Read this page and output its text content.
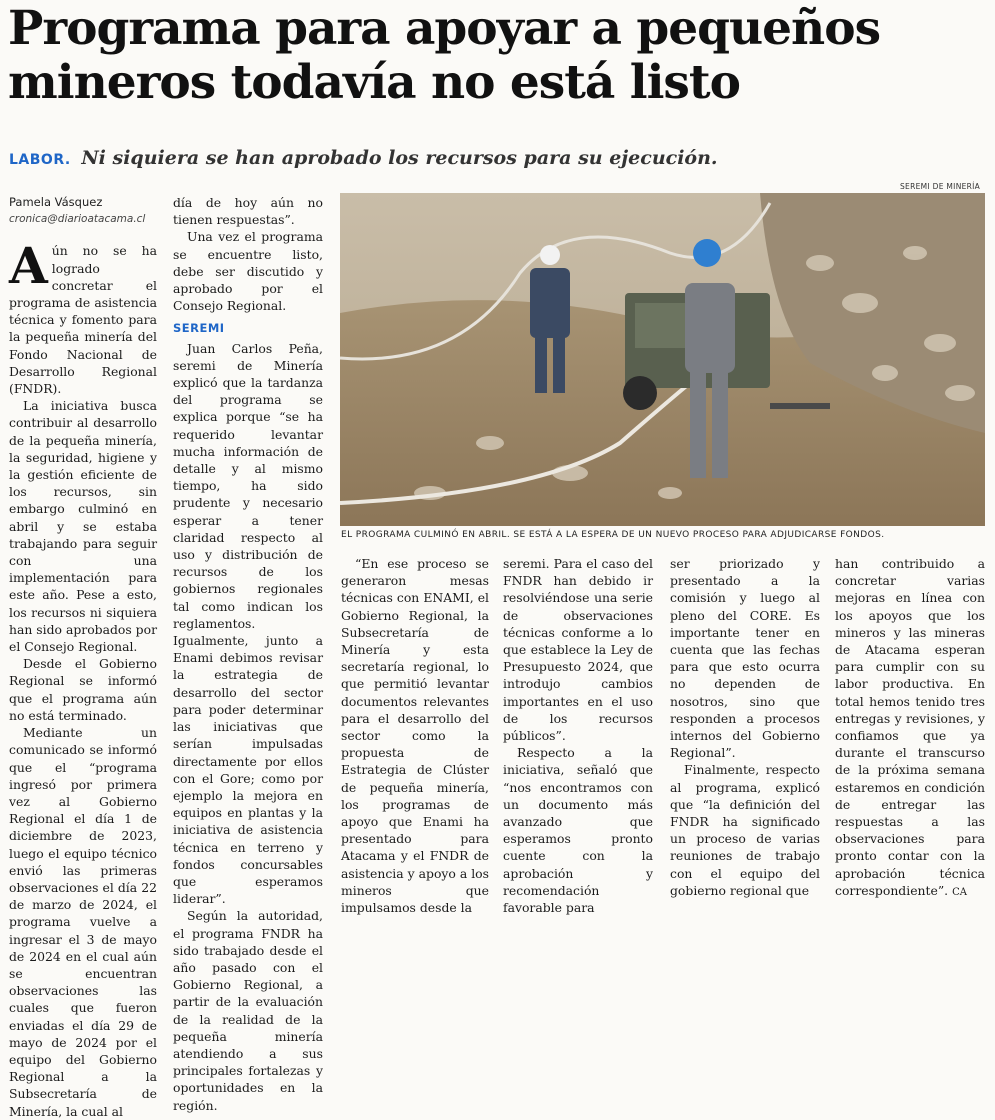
Programa para apoyar a pequeños mineros todavía no está listo
LABOR. Ni siquiera se han aprobado los recursos para su ejecución.
Pamela Vásquez
cronica@diarioatacama.cl

Aún no se ha logrado concretar el programa de asistencia técnica y fomento para la pequeña minería del Fondo Nacional de Desarrollo Regional (FNDR).

La iniciativa busca contribuir al desarrollo de la pequeña minería, la seguridad, higiene y la gestión eficiente de los recursos, sin embargo culminó en abril y se estaba trabajando para seguir con una implementación para este año. Pese a esto, los recursos ni siquiera han sido aprobados por el Consejo Regional.

Desde el Gobierno Regional se informó que el programa aún no está terminado.

Mediante un comunicado se informó que el “programa ingresó por primera vez al Gobierno Regional el día 1 de diciembre de 2023, luego el equipo técnico envió las primeras observaciones el día 22 de marzo de 2024, el programa vuelve a ingresar el 3 de mayo de 2024 en el cual aún se encuentran observaciones las cuales que fueron enviadas el día 29 de mayo de 2024 por el equipo del Gobierno Regional a la Subsecretaría de Minería, la cual al

día de hoy aún no tienen respuestas”.

Una vez el programa se encuentre listo, debe ser discutido y aprobado por el Consejo Regional.

SEREMI

Juan Carlos Peña, seremi de Minería explicó que la tardanza del programa se explica porque “se ha requerido levantar mucha información de detalle y al mismo tiempo, ha sido prudente y necesario esperar a tener claridad respecto al uso y distribución de recursos de los gobiernos regionales tal como indican los reglamentos. Igualmente, junto a Enami debimos revisar la estrategia de desarrollo del sector para poder determinar las iniciativas que serían impulsadas directamente por ellos con el Gore; como por ejemplo la mejora en equipos en plantas y la iniciativa de asistencia técnica en terreno y fondos concursables que esperamos liderar”.

Según la autoridad, el programa FNDR ha sido trabajado desde el año pasado con el Gobierno Regional, a partir de la evaluación de la realidad de la pequeña minería atendiendo a sus principales fortalezas y oportunidades en la región.

SEREMI DE MINERÍA
EL PROGRAMA CULMINÓ EN ABRIL. SE ESTÁ A LA ESPERA DE UN NUEVO PROCESO PARA ADJUDICARSE FONDOS.

“En ese proceso se generaron mesas técnicas con ENAMI, el Gobierno Regional, la Subsecretaría de Minería y esta secretaría regional, lo que permitió levantar documentos relevantes para el desarrollo del sector como la propuesta de Estrategia de Clúster de pequeña minería, los programas de apoyo que Enami ha presentado para Atacama y el FNDR de asistencia y apoyo a los mineros que impulsamos desde la

seremi. Para el caso del FNDR han debido ir resolviéndose una serie de observaciones técnicas conforme a lo que establece la Ley de Presupuesto 2024, que introdujo cambios importantes en el uso de los recursos públicos”.

Respecto a la iniciativa, señaló que “nos encontramos con un documento más avanzado que esperamos pronto cuente con la aprobación y recomendación favorable para

ser priorizado y presentado a la comisión y luego al pleno del CORE. Es importante tener en cuenta que las fechas para que esto ocurra no dependen de nosotros, sino que responden a procesos internos del Gobierno Regional”.

Finalmente, respecto al programa, explicó que “la definición del FNDR ha significado un proceso de varias reuniones de trabajo con el equipo del gobierno regional que

han contribuido a concretar varias mejoras en línea con los apoyos que los mineros y las mineras de Atacama esperan para cumplir con su labor productiva. En total hemos tenido tres entregas y revisiones, y confiamos que ya durante el transcurso de la próxima semana estaremos en condición de entregar las respuestas a las observaciones para pronto contar con la aprobación técnica correspondiente”. CA
